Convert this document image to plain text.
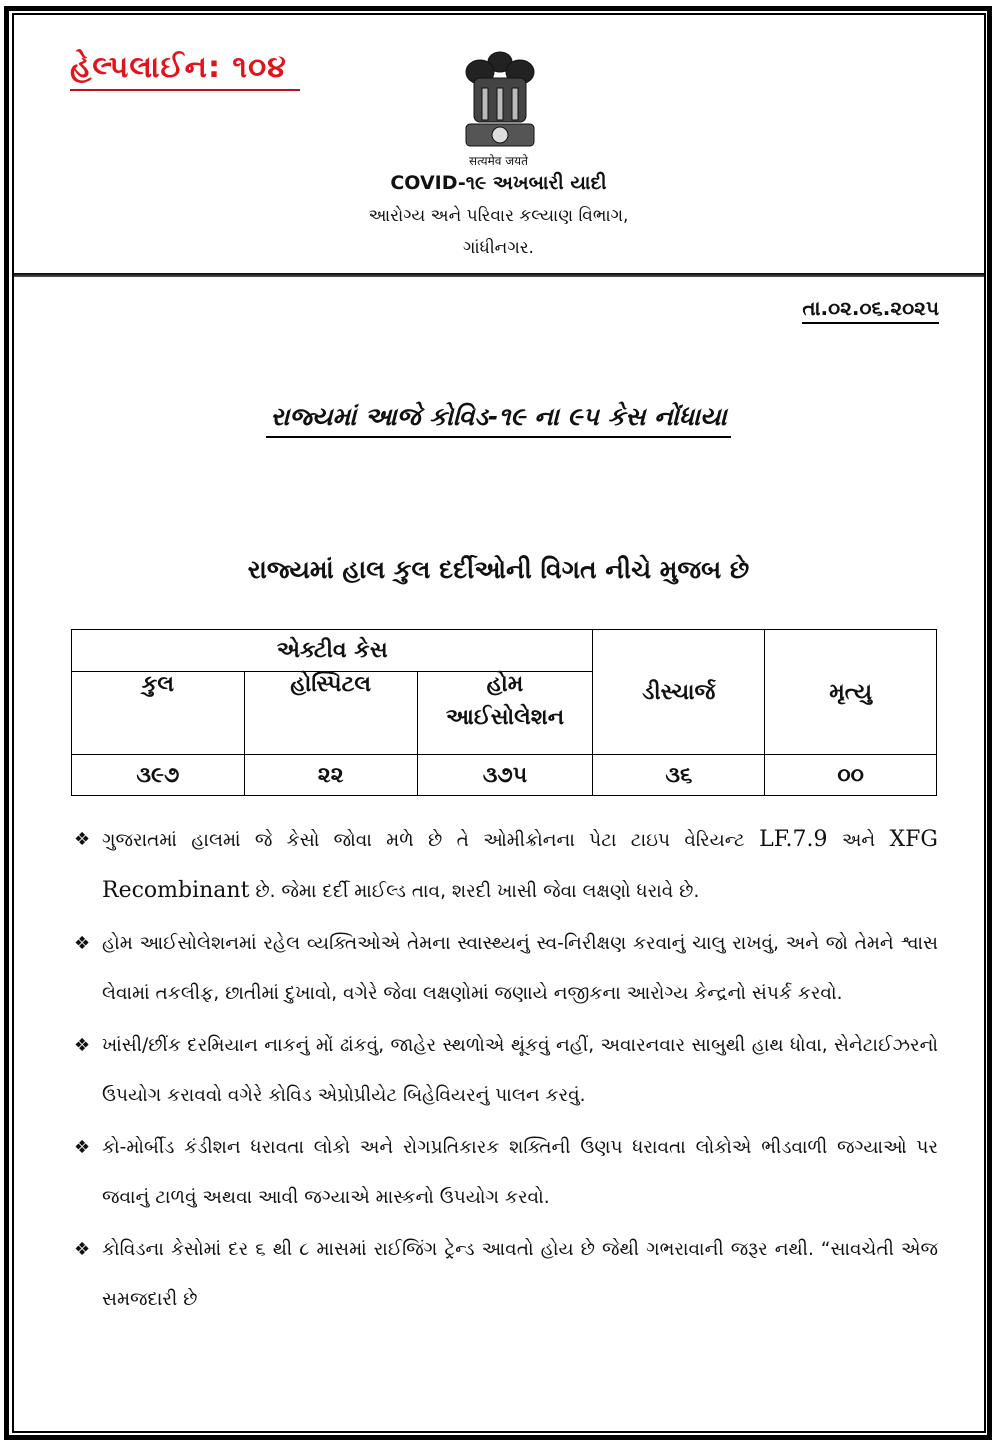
હેલ્પલાઈન: ૧૦૪
सत्यमेव जयते
COVID-૧૯ અખબારી યાદી
આરોગ્ય અને પરિવાર કલ્યાણ વિભાગ,
ગાંધીનગર.
તા.૦૨.૦૬.૨૦૨૫
રાજ્યમાં આજે કોવિડ-૧૯ ના ૯૫ કેસ નોંધાયા
રાજ્યમાં હાલ કુલ દર્દીઓની વિગત નીચે મુજબ છે
એક્ટીવ કેસ			ડીસ્ચાર્જ	મૃત્યુ
કુલ	હોસ્પિટલ	હોમ
આઈસોલેશન		

૩૯૭	૨૨	૩૭૫	૩૬	૦૦
❖ ગુજરાતમાં હાલમાં જે કેસો જોવા મળે છે તે ઓમીક્રોનના પેટા ટાઇપ વેરિયન્ટ LF.7.9 અને XFG Recombinant છે. જેમા દર્દી માઈલ્ડ તાવ, શરદી ખાસી જેવા લક્ષણો ધરાવે છે.
❖ હોમ આઈસોલેશનમાં રહેલ વ્યક્તિઓએ તેમના સ્વાસ્થ્યનું સ્વ-નિરીક્ષણ કરવાનું ચાલુ રાખવું, અને જો તેમને શ્વાસ લેવામાં તકલીફ, છાતીમાં દુખાવો, વગેરે જેવા લક્ષણોમાં જણાયે નજીકના આરોગ્ય કેન્દ્રનો સંપર્ક કરવો.
❖ ખાંસી/છીંક દરમિયાન નાકનું મોં ઢાંકવું, જાહેર સ્થળોએ થૂંકવું નહીં, અવારનવાર સાબુથી હાથ ધોવા, સેનેટાઈઝરનો ઉપયોગ કરાવવો વગેરે કોવિડ એપ્રોપ્રીયેટ બિહેવિયરનું પાલન કરવું.
❖ કો-મોર્બીડ કંડીશન ધરાવતા લોકો અને રોગપ્રતિકારક શક્તિની ઉણપ ધરાવતા લોકોએ ભીડવાળી જગ્યાઓ પર જવાનું ટાળવું અથવા આવી જગ્યાએ માસ્કનો ઉપયોગ કરવો.
❖ કોવિડના કેસોમાં દર ૬ થી ૮ માસમાં રાઈજિંગ ટ્રેન્ડ આવતો હોય છે જેથી ગભરાવાની જરૂર નથી. “સાવચેતી એજ સમજદારી છે
